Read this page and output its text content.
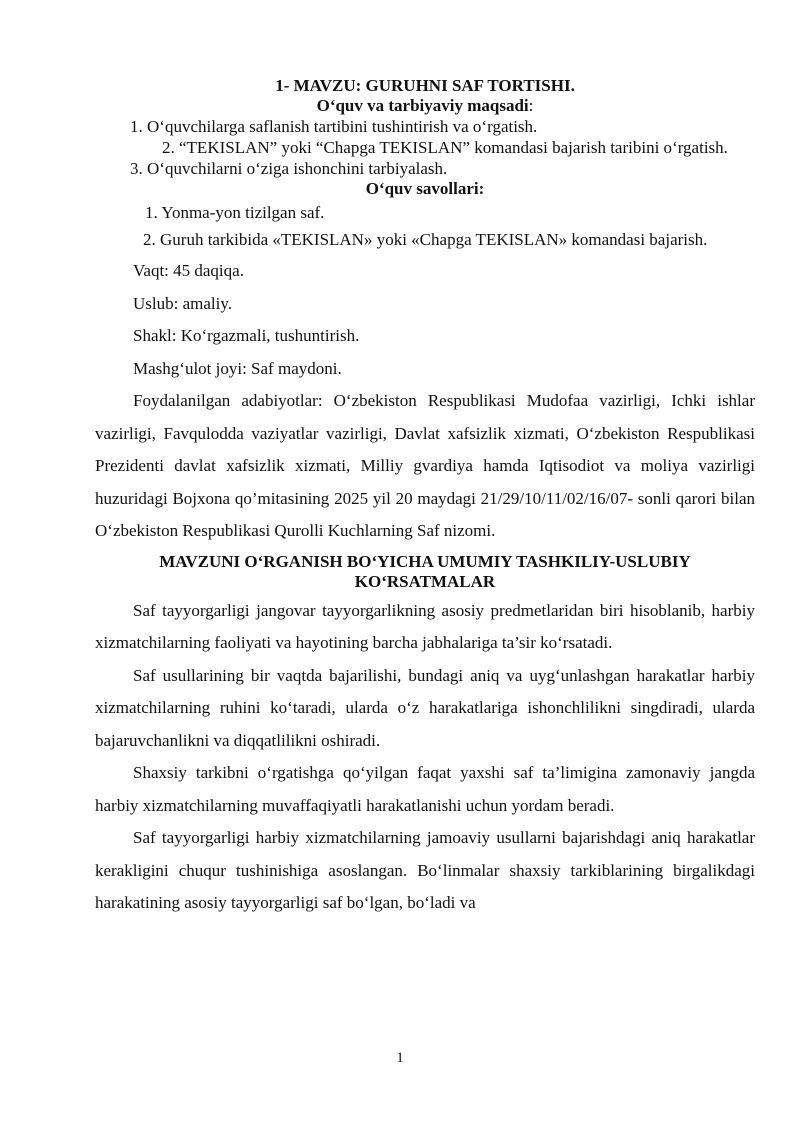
1- MAVZU: GURUHNI SAF TORTISHI.

O‘quv va tarbiyaviy maqsadi:

1. O‘quvchilarga saflanish tartibini tushintirish va o‘rgatish.

2. “TEKISLAN” yoki “Chapga TEKISLAN” komandasi bajarish taribini o‘rgatish.

3. O‘quvchilarni o‘ziga ishonchini tarbiyalash.

O‘quv savollari:

1. Yonma-yon tizilgan saf.

2. Guruh tarkibida «TEKISLAN» yoki «Chapga TEKISLAN» komandasi bajarish.

Vaqt: 45 daqiqa.

Uslub: amaliy.

Shakl: Ko‘rgazmali, tushuntirish.

Mashg‘ulot joyi: Saf maydoni.

Foydalanilgan adabiyotlar: O‘zbekiston Respublikasi Mudofaa vazirligi, Ichki ishlar vazirligi, Favqulodda vaziyatlar vazirligi, Davlat xafsizlik xizmati, O‘zbekiston Respublikasi Prezidenti davlat xafsizlik xizmati, Milliy gvardiya hamda Iqtisodiot va moliya vazirligi huzuridagi Bojxona qo’mitasining 2025 yil 20 maydagi 21/29/10/11/02/16/07- sonli qarori bilan O‘zbekiston Respublikasi Qurolli Kuchlarning Saf nizomi.

MAVZUNI O‘RGANISH BO‘YICHA UMUMIY TASHKILIY-USLUBIY KO‘RSATMALAR

Saf tayyorgarligi jangovar tayyorgarlikning asosiy predmetlaridan biri hisoblanib, harbiy xizmatchilarning faoliyati va hayotining barcha jabhalariga ta’sir ko‘rsatadi.

Saf usullarining bir vaqtda bajarilishi, bundagi aniq va uyg‘unlashgan harakatlar harbiy xizmatchilarning ruhini ko‘taradi, ularda o‘z harakatlariga ishonchlilikni singdiradi, ularda bajaruvchanlikni va diqqatlilikni oshiradi.

Shaxsiy tarkibni o‘rgatishga qo‘yilgan faqat yaxshi saf ta’limigina zamonaviy jangda harbiy xizmatchilarning muvaffaqiyatli harakatlanishi uchun yordam beradi.

Saf tayyorgarligi harbiy xizmatchilarning jamoaviy usullarni bajarishdagi aniq harakatlar kerakligini chuqur tushinishiga asoslangan. Bo‘linmalar shaxsiy tarkiblarining birgalikdagi harakatining asosiy tayyorgarligi saf bo‘lgan, bo‘ladi va

1
